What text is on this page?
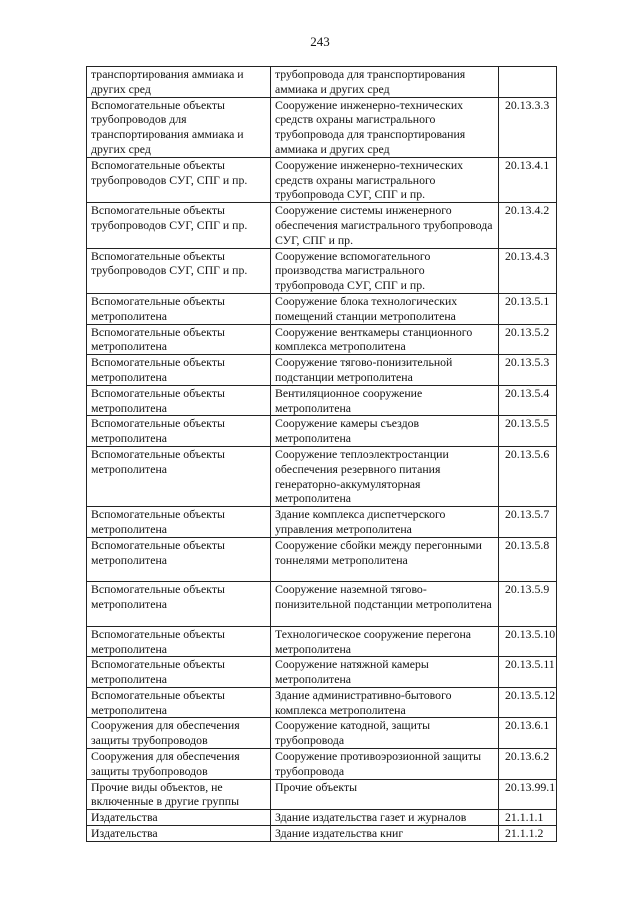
243
транспортирования аммиака и других сред	трубопровода для транспортирования аммиака и других сред	
Вспомогательные объекты трубопроводов для транспортирования аммиака и других сред	Сооружение инженерно-технических средств охраны магистрального трубопровода для транспортирования аммиака и других сред	20.13.3.3
Вспомогательные объекты трубопроводов СУГ, СПГ и пр.	Сооружение инженерно-технических средств охраны магистрального трубопровода СУГ, СПГ и пр.	20.13.4.1
Вспомогательные объекты трубопроводов СУГ, СПГ и пр.	Сооружение системы инженерного обеспечения магистрального трубопровода СУГ, СПГ и пр.	20.13.4.2
Вспомогательные объекты трубопроводов СУГ, СПГ и пр.	Сооружение вспомогательного производства магистрального трубопровода СУГ, СПГ и пр.	20.13.4.3
Вспомогательные объекты метрополитена	Сооружение блока технологических помещений станции метрополитена	20.13.5.1
Вспомогательные объекты метрополитена	Сооружение венткамеры станционного комплекса метрополитена	20.13.5.2
Вспомогательные объекты метрополитена	Сооружение тягово-понизительной подстанции метрополитена	20.13.5.3
Вспомогательные объекты метрополитена	Вентиляционное сооружение метрополитена	20.13.5.4
Вспомогательные объекты метрополитена	Сооружение камеры съездов метрополитена	20.13.5.5
Вспомогательные объекты метрополитена	Сооружение теплоэлектростанции обеспечения резервного питания генераторно-аккумуляторная метрополитена	20.13.5.6
Вспомогательные объекты метрополитена	Здание комплекса диспетчерского управления метрополитена	20.13.5.7
Вспомогательные объекты метрополитена	Сооружение сбойки между перегонными тоннелями метрополитена	20.13.5.8
Вспомогательные объекты метрополитена	Сооружение наземной тягово-понизительной подстанции метрополитена	20.13.5.9
Вспомогательные объекты метрополитена	Технологическое сооружение перегона метрополитена	20.13.5.10
Вспомогательные объекты метрополитена	Сооружение натяжной камеры метрополитена	20.13.5.11
Вспомогательные объекты метрополитена	Здание административно-бытового комплекса метрополитена	20.13.5.12
Сооружения для обеспечения защиты трубопроводов	Сооружение катодной, защиты трубопровода	20.13.6.1
Сооружения для обеспечения защиты трубопроводов	Сооружение противоэрозионной защиты трубопровода	20.13.6.2
Прочие виды объектов, не включенные в другие группы	Прочие объекты	20.13.99.1
Издательства	Здание издательства газет и журналов	21.1.1.1
Издательства	Здание издательства книг	21.1.1.2
